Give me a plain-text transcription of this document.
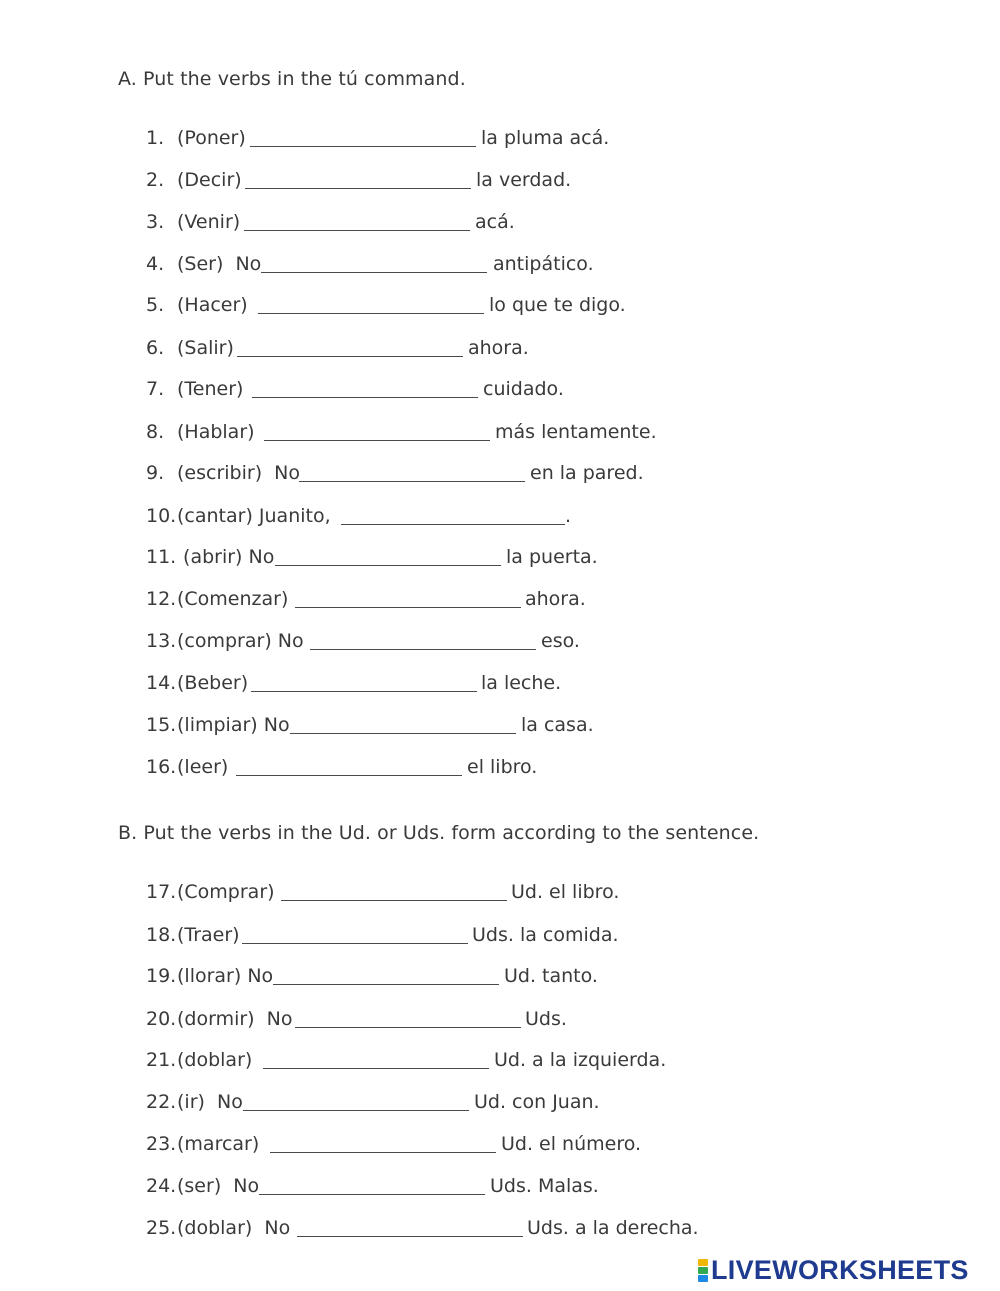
A. Put the verbs in the tú command.
1. (Poner)	la pluma acá.
2. (Decir)	la verdad.
3. (Venir)	acá.
4. (Ser)  No	antipático.
5. (Hacer)	lo que te digo.
6. (Salir)	ahora.
7. (Tener)	cuidado.
8. (Hablar)	más lentamente.
9. (escribir)  No	en la pared.
10. (cantar) Juanito,	.
11. (abrir) No	la puerta.
12. (Comenzar)	ahora.
13. (comprar) No	eso.
14. (Beber)	la leche.
15. (limpiar) No	la casa.
16. (leer)	el libro.
B. Put the verbs in the Ud. or Uds. form according to the sentence.
17. (Comprar)	Ud. el libro.
18. (Traer)	Uds. la comida.
19. (llorar) No	Ud. tanto.
20. (dormir)  No	Uds.
21. (doblar)	Ud. a la izquierda.
22. (ir)  No	Ud. con Juan.
23. (marcar)	Ud. el número.
24. (ser)  No	Uds. Malas.
25. (doblar)  No	Uds. a la derecha.
LIVEWORKSHEETS
